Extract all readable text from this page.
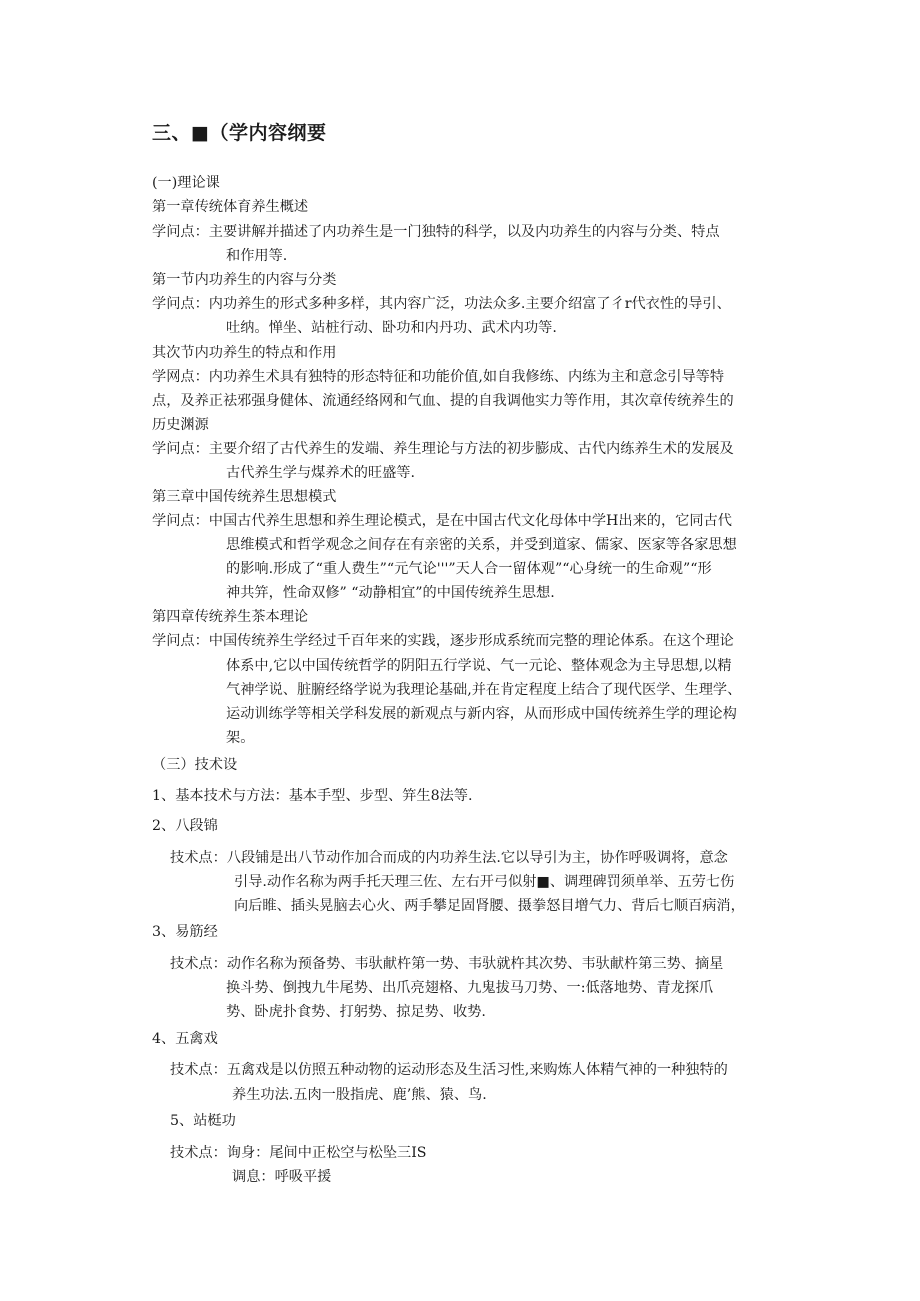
三、■（学内容纲要
(一)理论课
第一章传统体育养生概述
学问点：主要讲解并描述了内功养生是一门独特的科学，以及内功养生的内容与分类、特点
和作用等.
第一节内功养生的内容与分类
学问点：内功养生的形式多种多样，其内容广泛，功法众多.主要介绍富了彳r代衣性的导引、
吐纳。惮坐、站桩行动、卧功和内丹功、武术内功等.
其次节内功养生的特点和作用
学网点：内功养生术具有独特的形态特征和功能价值,如自我修练、内练为主和意念引导等特
点，及养正祛邪强身健体、流通经络网和气血、提的自我调他实力等作用，其次章传统养生的
历史渊源
学问点：主要介绍了古代养生的发端、养生理论与方法的初步膨成、古代内练养生术的发展及
古代养生学与煤养术的旺盛等.
第三章中国传统养生思想模式
学问点：中国古代养生思想和养生理论模式，是在中国古代文化母体中学H出来的，它同古代
思维模式和哲学观念之间存在有亲密的关系，并受到道家、儒家、医家等各家思想
的影响.形成了“重人费生”“元气论'''”天人合一留体观”“心身统一的生命观”“形
神共笄，性命双修” “动静相宜”的中国传统养生思想.
第四章传统养生茶本理论
学问点：中国传统养生学经过千百年来的实践，逐步形成系统而完整的理论体系。在这个理论
体系中,它以中国传统哲学的阴阳五行学说、气一元论、整体观念为主导思想,以精
气神学说、脏腑经络学说为我理论基础,并在肯定程度上结合了现代医学、生理学、
运动训练学等相关学科发展的新观点与新内容，从而形成中国传统养生学的理论构
架。
（三）技术设
1、基本技术与方法：基本手型、步型、笄生8法等.
2、八段锦
技术点：八段铺是出八节动作加合而成的内功养生法.它以导引为主，协作呼吸调将，意念
引导.动作名称为两手托天理三佐、左右开弓似射■、调理碑罚须单举、五劳七伤
向后睢、插头晃脑去心火、两手攀足固肾腰、摄拳怒目增气力、背后七顺百病消，
3、易筋经
技术点：动作名称为预备势、韦驮献杵第一势、韦驮就杵其次势、韦驮献杵第三势、摘星
换斗势、倒拽九牛尾势、出爪亮翅格、九鬼拔马刀势、一:低落地势、青龙探爪
势、卧虎扑食势、打躬势、掠足势、收势.
4、五禽戏
技术点：五禽戏是以仿照五种动物的运动形态及生活习性,来购炼人体精气神的一种独特的
养生功法.五肉一股指虎、鹿’熊、猿、鸟.
5、站梃功
技术点：询身：尾间中正松空与松坠三IS
调息：呼吸平援
